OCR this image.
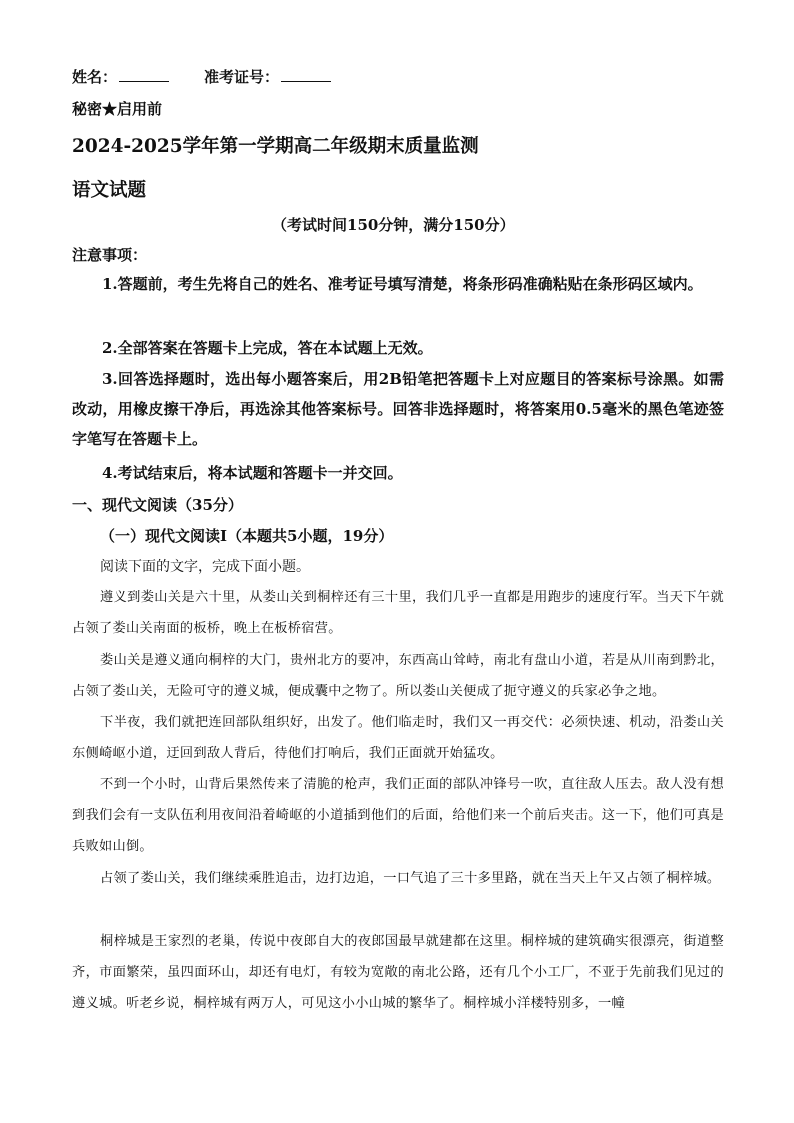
姓名：	准考证号：
秘密★启用前
2024-2025学年第一学期高二年级期末质量监测
语文试题
（考试时间150分钟，满分150分）
注意事项：
1.答题前，考生先将自己的姓名、准考证号填写清楚，将条形码准确粘贴在条形码区域内。
2.全部答案在答题卡上完成，答在本试题上无效。
3.回答选择题时，选出每小题答案后，用2B铅笔把答题卡上对应题目的答案标号涂黑。如需改动，用橡皮擦干净后，再选涂其他答案标号。回答非选择题时，将答案用0.5毫米的黑色笔迹签字笔写在答题卡上。
4.考试结束后，将本试题和答题卡一并交回。
一、现代文阅读（35分）
（一）现代文阅读Ⅰ（本题共5小题，19分）
阅读下面的文字，完成下面小题。
遵义到娄山关是六十里，从娄山关到桐梓还有三十里，我们几乎一直都是用跑步的速度行军。当天下午就占领了娄山关南面的板桥，晚上在板桥宿营。
娄山关是遵义通向桐梓的大门，贵州北方的要冲，东西高山耸峙，南北有盘山小道，若是从川南到黔北，占领了娄山关，无险可守的遵义城，便成囊中之物了。所以娄山关便成了扼守遵义的兵家必争之地。
下半夜，我们就把连回部队组织好，出发了。他们临走时，我们又一再交代：必须快速、机动，沿娄山关东侧崎岖小道，迂回到敌人背后，待他们打响后，我们正面就开始猛攻。
不到一个小时，山背后果然传来了清脆的枪声，我们正面的部队冲锋号一吹，直往敌人压去。敌人没有想到我们会有一支队伍利用夜间沿着崎岖的小道插到他们的后面，给他们来一个前后夹击。这一下，他们可真是兵败如山倒。
占领了娄山关，我们继续乘胜追击，边打边追，一口气追了三十多里路，就在当天上午又占领了桐梓城。
桐梓城是王家烈的老巢，传说中夜郎自大的夜郎国最早就建都在这里。桐梓城的建筑确实很漂亮，街道整齐，市面繁荣，虽四面环山，却还有电灯，有较为宽敞的南北公路，还有几个小工厂，不亚于先前我们见过的遵义城。听老乡说，桐梓城有两万人，可见这小小山城的繁华了。桐梓城小洋楼特别多，一幢
